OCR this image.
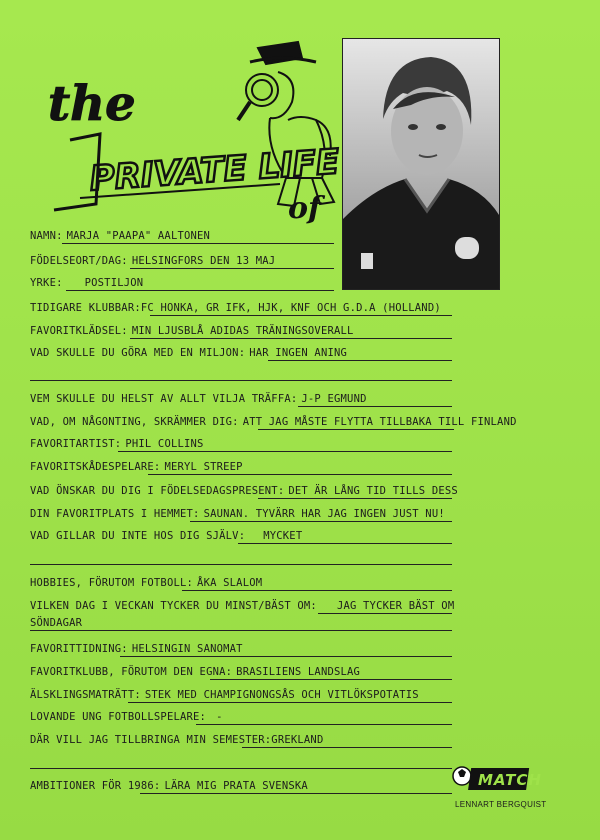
the
PRIVATE LIFE
of
NAMN: MARJA "PAAPA" AALTONEN
FÖDELSEORT/DAG: HELSINGFORS DEN 13 MAJ
YRKE: POSTILJON
TIDIGARE KLUBBAR:FC HONKA, GR IFK, HJK, KNF OCH G.D.A (HOLLAND)
FAVORITKLÄDSEL: MIN LJUSBLÅ ADIDAS TRÄNINGSOVERALL
VAD SKULLE DU GÖRA MED EN MILJON: HAR INGEN ANING
VEM SKULLE DU HELST AV ALLT VILJA TRÄFFA: J-P EGMUND
VAD, OM NÅGONTING, SKRÄMMER DIG: ATT JAG MÅSTE FLYTTA TILLBAKA TILL FINLAND
FAVORITARTIST: PHIL COLLINS
FAVORITSKÅDESPELARE: MERYL STREEP
VAD ÖNSKAR DU DIG I FÖDELSEDAGSPRESENT: DET ÄR LÅNG TID TILLS DESS
DIN FAVORITPLATS I HEMMET: SAUNAN. TYVÄRR HAR JAG INGEN JUST NU!
VAD GILLAR DU INTE HOS DIG SJÄLV: MYCKET
HOBBIES, FÖRUTOM FOTBOLL: ÅKA SLALOM
VILKEN DAG I VECKAN TYCKER DU MINST/BÄST OM: JAG TYCKER BÄST OM
SÖNDAGAR
FAVORITTIDNING: HELSINGIN SANOMAT
FAVORITKLUBB, FÖRUTOM DEN EGNA: BRASILIENS LANDSLAG
ÄLSKLINGSMATRÄTT: STEK MED CHAMPIGNONGSÅS OCH VITLÖKSPOTATIS
LOVANDE UNG FOTBOLLSPELARE: -
DÄR VILL JAG TILLBRINGA MIN SEMESTER:GREKLAND
AMBITIONER FÖR 1986: LÄRA MIG PRATA SVENSKA	MATCH
LENNART BERGQUIST
